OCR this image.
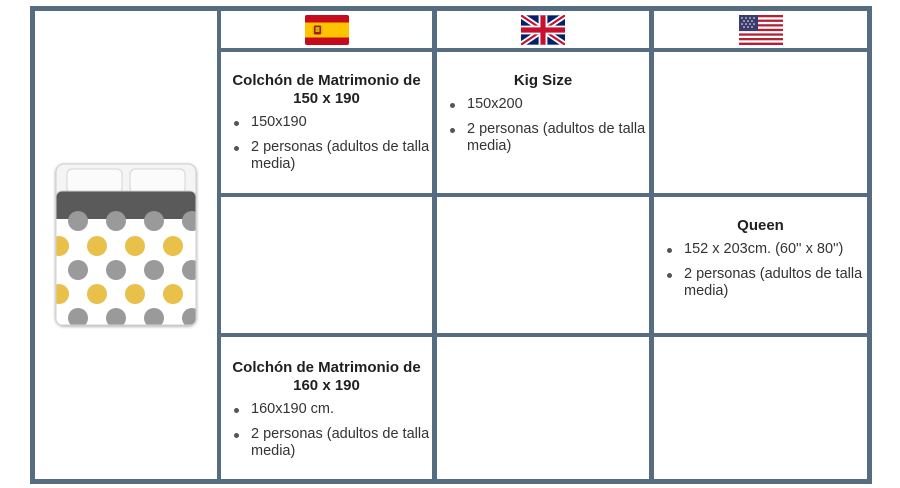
Colchón de Matrimonio de 150 x 190

150x190
2 personas (adultos de talla media)

Kig Size

150x200
2 personas (adultos de talla media)

Queen

152 x 203cm. (60'' x 80'')
2 personas (adultos de talla media)

Colchón de Matrimonio de 160 x 190

160x190 cm.
2 personas (adultos de talla media)
